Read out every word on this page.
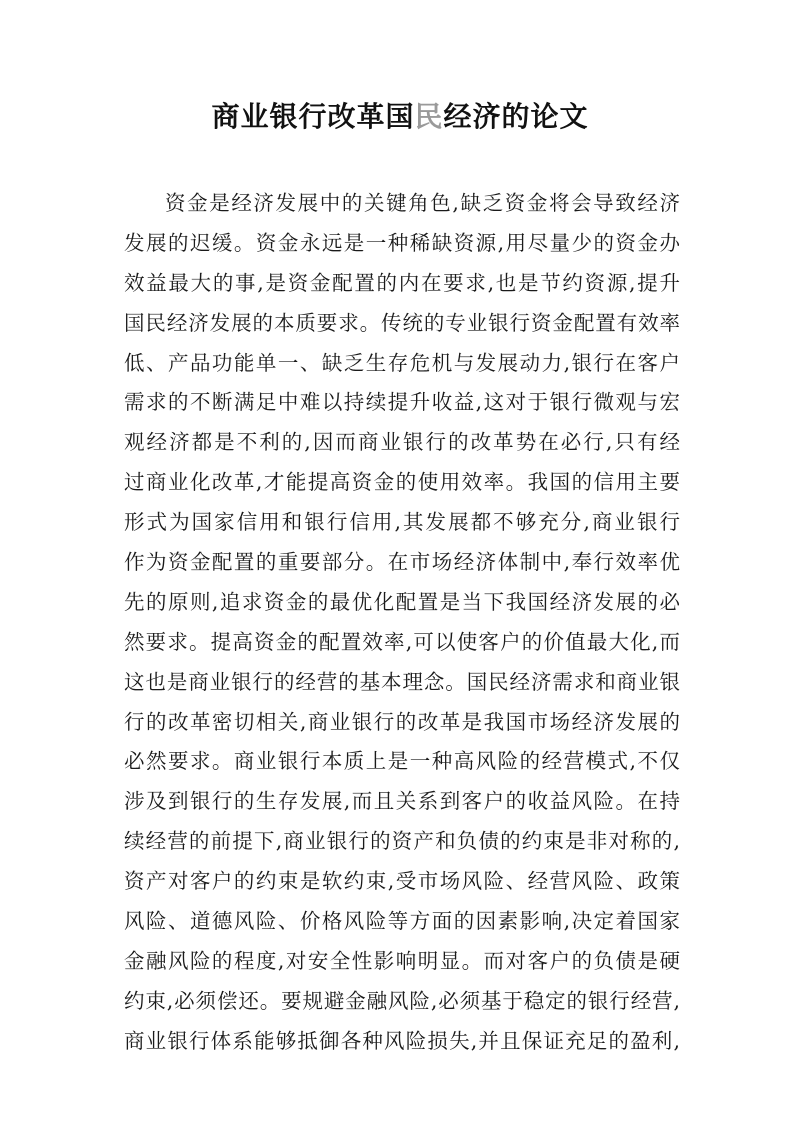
商业银行改革国民经济的论文
资金是经济发展中的关键角色,缺乏资金将会导致经济
发展的迟缓。资金永远是一种稀缺资源,用尽量少的资金办
效益最大的事,是资金配置的内在要求,也是节约资源,提升
国民经济发展的本质要求。传统的专业银行资金配置有效率
低、产品功能单一、缺乏生存危机与发展动力,银行在客户
需求的不断满足中难以持续提升收益,这对于银行微观与宏
观经济都是不利的,因而商业银行的改革势在必行,只有经
过商业化改革,才能提高资金的使用效率。我国的信用主要
形式为国家信用和银行信用,其发展都不够充分,商业银行
作为资金配置的重要部分。在市场经济体制中,奉行效率优
先的原则,追求资金的最优化配置是当下我国经济发展的必
然要求。提高资金的配置效率,可以使客户的价值最大化,而
这也是商业银行的经营的基本理念。国民经济需求和商业银
行的改革密切相关,商业银行的改革是我国市场经济发展的
必然要求。商业银行本质上是一种高风险的经营模式,不仅
涉及到银行的生存发展,而且关系到客户的收益风险。在持
续经营的前提下,商业银行的资产和负债的约束是非对称的,
资产对客户的约束是软约束,受市场风险、经营风险、政策
风险、道德风险、价格风险等方面的因素影响,决定着国家
金融风险的程度,对安全性影响明显。而对客户的负债是硬
约束,必须偿还。要规避金融风险,必须基于稳定的银行经营,
商业银行体系能够抵御各种风险损失,并且保证充足的盈利,
